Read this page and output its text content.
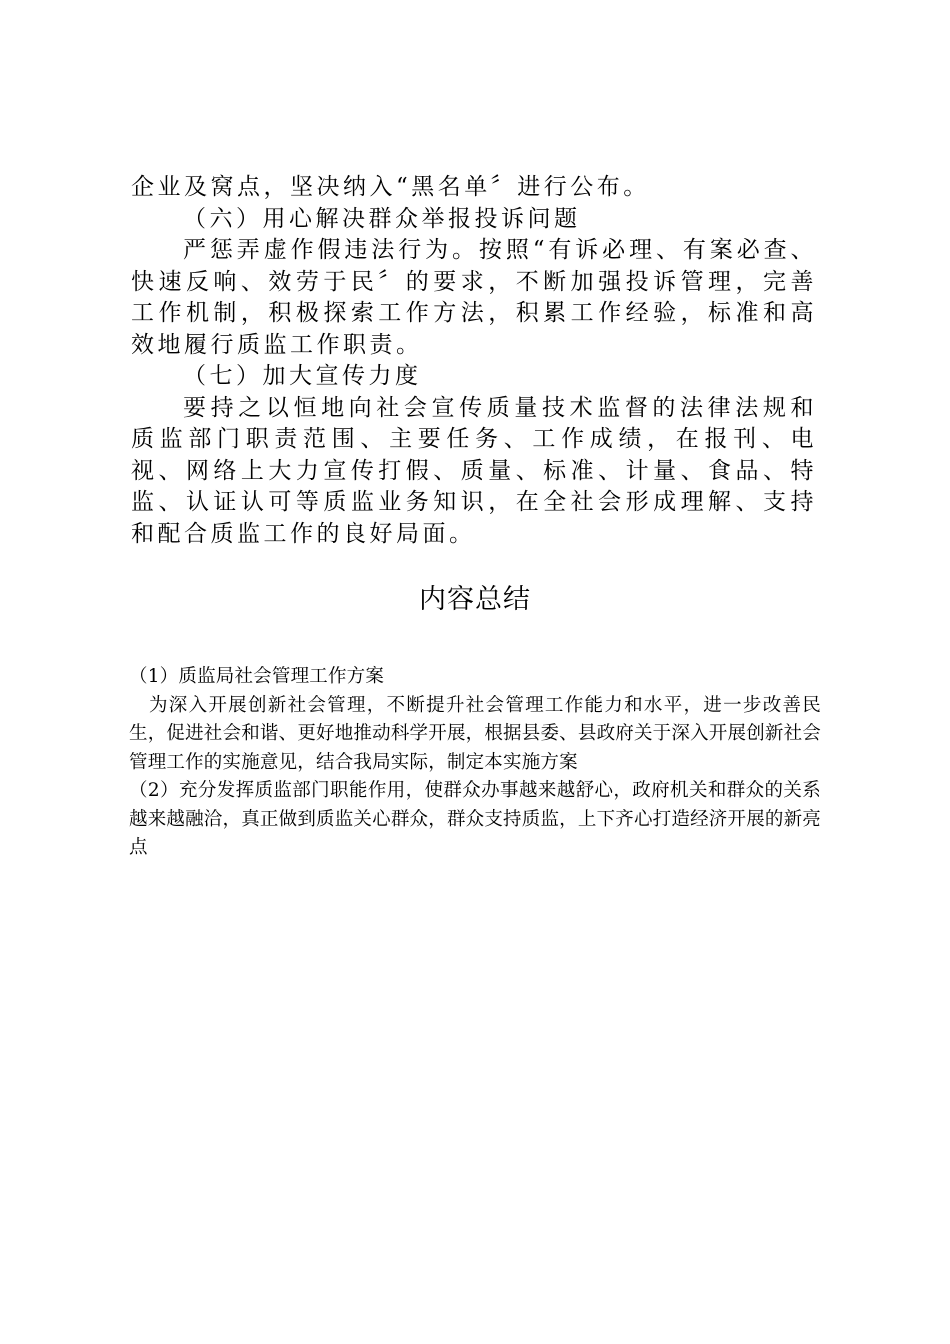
企业及窝点，坚决纳入“黑名单〞进行公布。

（六）用心解决群众举报投诉问题

严惩弄虚作假违法行为。按照“有诉必理、有案必查、快速反响、效劳于民〞的要求，不断加强投诉管理，完善工作机制，积极探索工作方法，积累工作经验，标准和高效地履行质监工作职责。

（七）加大宣传力度

要持之以恒地向社会宣传质量技术监督的法律法规和质监部门职责范围、主要任务、工作成绩，在报刊、电视、网络上大力宣传打假、质量、标准、计量、食品、特监、认证认可等质监业务知识，在全社会形成理解、支持和配合质监工作的良好局面。

内容总结

（1）质监局社会管理工作方案

为深入开展创新社会管理，不断提升社会管理工作能力和水平，进一步改善民生，促进社会和谐、更好地推动科学开展，根据县委、县政府关于深入开展创新社会管理工作的实施意见，结合我局实际，制定本实施方案

（2）充分发挥质监部门职能作用，使群众办事越来越舒心，政府机关和群众的关系越来越融洽，真正做到质监关心群众，群众支持质监，上下齐心打造经济开展的新亮点
